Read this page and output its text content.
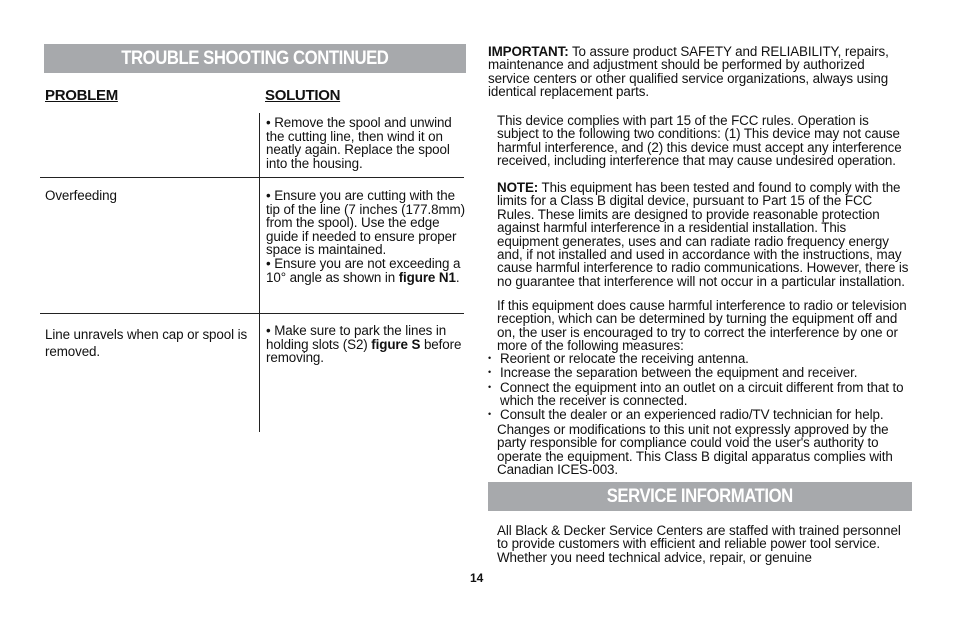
TROUBLE SHOOTING CONTINUED
PROBLEM	SOLUTION

• Remove the spool and unwind the cutting line, then wind it on neatly again. Replace the spool into the housing.

Overfeeding	• Ensure you are cutting with the tip of the line (7 inches (177.8mm) from the spool). Use the edge guide if needed to ensure proper space is maintained.

• Ensure you are not exceeding a 10° angle as shown in figure N1.

Line unravels when cap or spool is removed.

• Make sure to park the lines in holding slots (S2) figure S before removing.

IMPORTANT: To assure product SAFETY and RELIABILITY, repairs, maintenance and adjustment should be performed by authorized service centers or other qualified service organizations, always using identical replacement parts.

This device complies with part 15 of the FCC rules. Operation is subject to the following two conditions: (1) This device may not cause harmful interference, and (2) this device must accept any interference received, including interference that may cause undesired operation.

NOTE: This equipment has been tested and found to comply with the limits for a Class B digital device, pursuant to Part 15 of the FCC Rules. These limits are designed to provide reasonable protection against harmful interference in a residential installation. This equipment generates, uses and can radiate radio frequency energy and, if not installed and used in accordance with the instructions, may cause harmful interference to radio communications. However, there is no guarantee that interference will not occur in a particular installation.

If this equipment does cause harmful interference to radio or television reception, which can be determined by turning the equipment off and on, the user is encouraged to try to correct the interference by one or more of the following measures:
• Reorient or relocate the receiving antenna.
• Increase the separation between the equipment and receiver.
• Connect the equipment into an outlet on a circuit different from that to which the receiver is connected.
• Consult the dealer or an experienced radio/TV technician for help.
Changes or modifications to this unit not expressly approved by the party responsible for compliance could void the user's authority to operate the equipment. This Class B digital apparatus complies with Canadian ICES-003.
SERVICE INFORMATION
All Black & Decker Service Centers are staffed with trained personnel to provide customers with efficient and reliable power tool service. Whether you need technical advice, repair, or genuine
14
